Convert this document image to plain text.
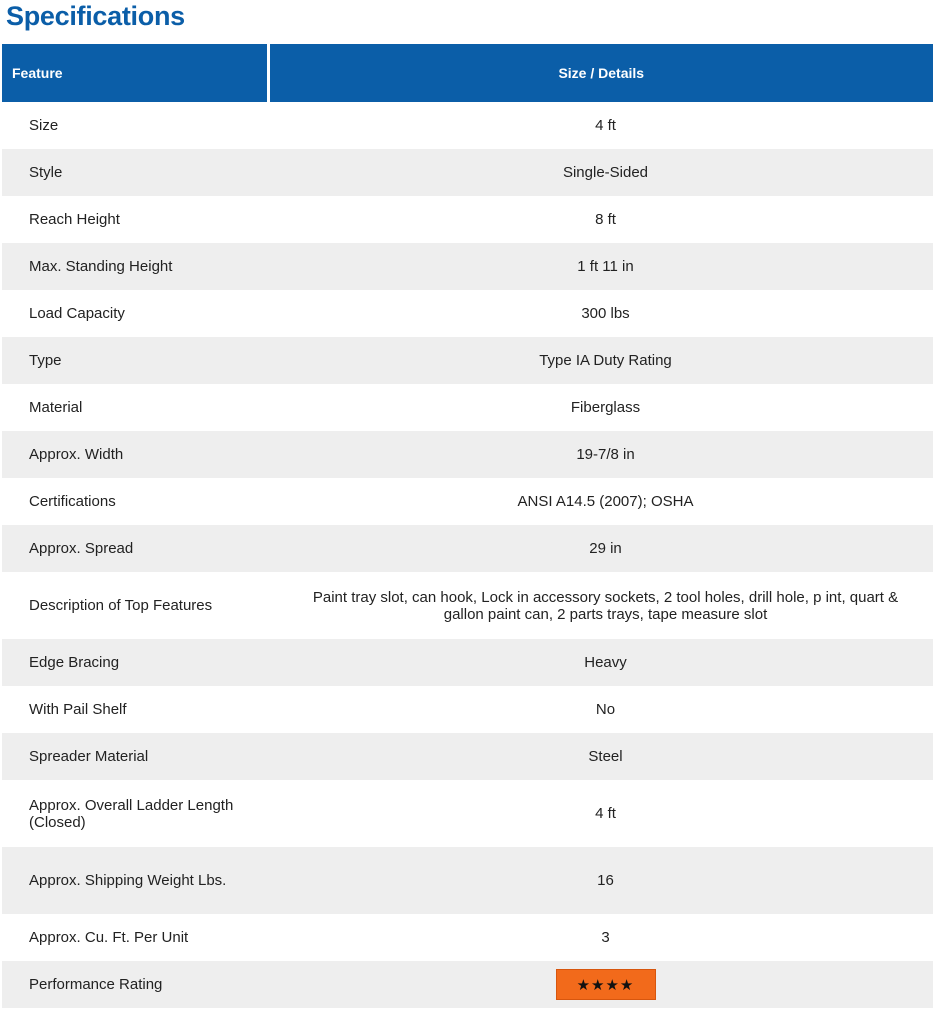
Specifications
Feature	Size / Details
Size	4 ft
Style	Single-Sided
Reach Height	8 ft
Max. Standing Height	1 ft 11 in
Load Capacity	300 lbs
Type	Type IA Duty Rating
Material	Fiberglass
Approx. Width	19-7/8 in
Certifications	ANSI A14.5 (2007); OSHA
Approx. Spread	29 in
Description of Top Features	Paint tray slot, can hook, Lock in accessory sockets, 2 tool holes, drill hole, p int, quart & gallon paint can, 2 parts trays, tape measure slot
Edge Bracing	Heavy
With Pail Shelf	No
Spreader Material	Steel
Approx. Overall Ladder Length (Closed)	4 ft
Approx. Shipping Weight Lbs.	16
Approx. Cu. Ft. Per Unit	3
Performance Rating	★★★★
